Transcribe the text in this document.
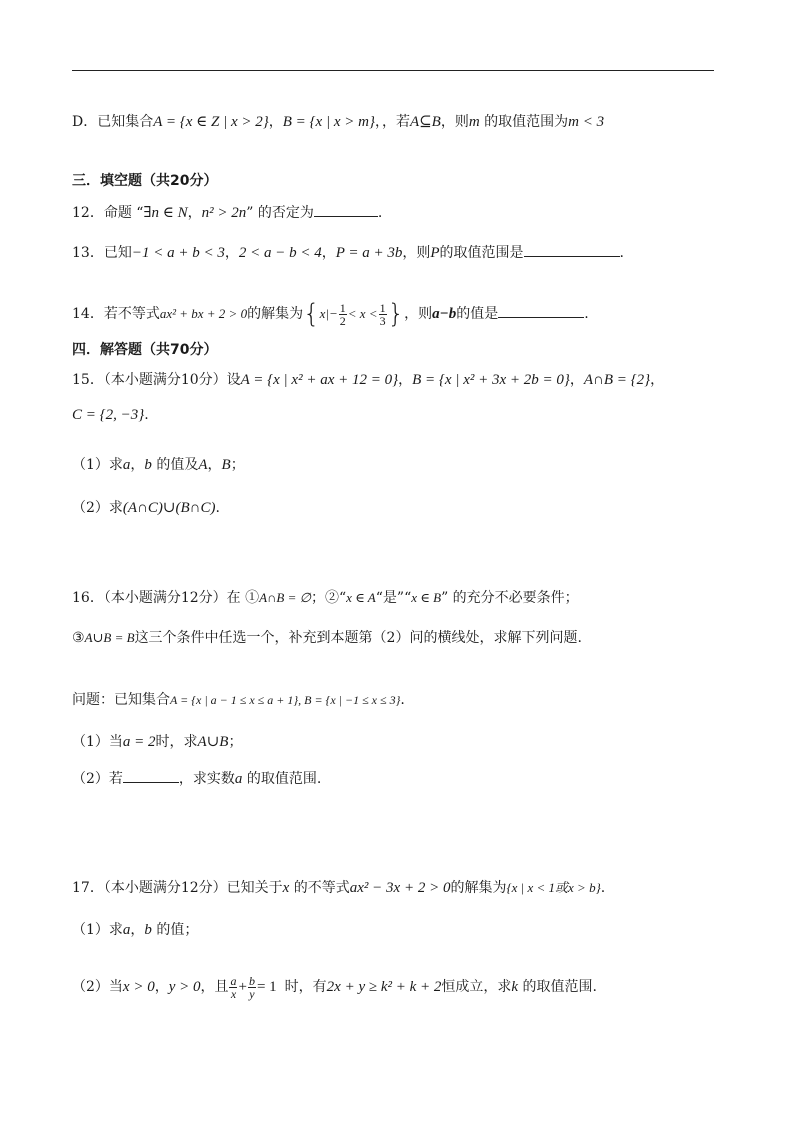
D．已知集合A = {x ∈ Z | x > 2}，B = {x | x > m}，，若A⊆B，则m 的取值范围为m < 3
三．填空题（共20分）
12．命题 “∃n ∈ N，n² > 2n” 的否定为	.
13．已知−1 < a + b < 3，2 < a − b < 4，P = a + 3b，则P的取值范围是	.
14．若不等式ax² + bx + 2 > 0的解集为{$x|- \frac{1}{2} < x < \frac{1}{3}$ }，则a−b的值是	.
四．解答题（共70分）
15．（本小题满分10分）设A = {x | x² + ax + 12 = 0}，B = {x | x² + 3x + 2b = 0}，A∩B = {2}，
C = {2, −3}.
（1）求a，b 的值及A，B；
（2）求(A∩C)∪(B∩C).
16．（本小题满分12分）在 ①A∩B = ∅；②“x ∈ A“是”“x ∈ B” 的充分不必要条件；
③A∪B = B这三个条件中任选一个，补充到本题第（2）问的横线处，求解下列问题.
问题：已知集合A = {x | a − 1 ≤ x ≤ a + 1}, B = {x | −1 ≤ x ≤ 3}.
（1）当a = 2时，求A∪B；
（2）若	，求实数a 的取值范围.
17．（本小题满分12分）已知关于x 的不等式ax² − 3x + 2 > 0的解集为{x | x < 1或x > b}.
（1）求a，b 的值；
（2）当x > 0，y > 0，且 $\frac{a}{x} + \frac{b}{y} = 1$ 时，有2x + y ≥ k² + k + 2恒成立，求k 的取值范围.
